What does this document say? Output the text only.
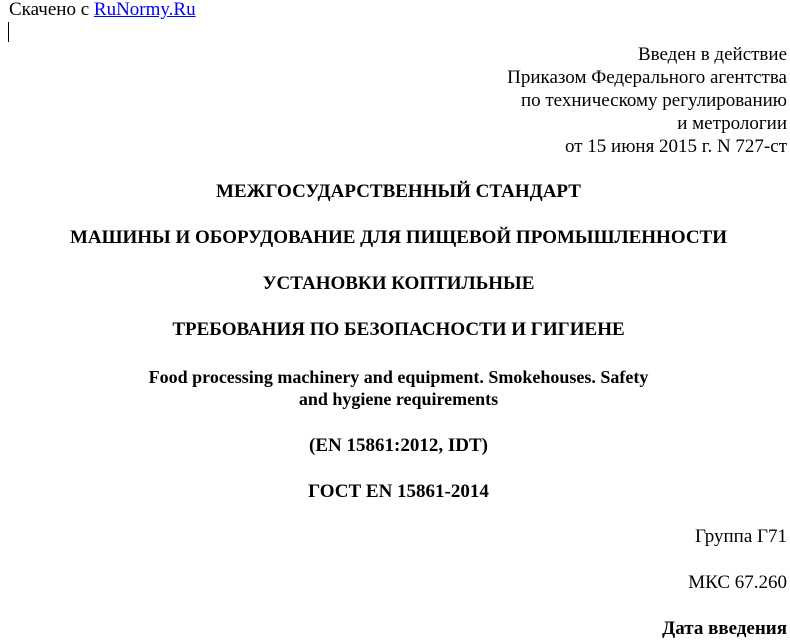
Скачено с RuNormy.Ru
Введен в действие
Приказом Федерального агентства
по техническому регулированию
и метрологии
от 15 июня 2015 г. N 727-ст
МЕЖГОСУДАРСТВЕННЫЙ СТАНДАРТ
МАШИНЫ И ОБОРУДОВАНИЕ ДЛЯ ПИЩЕВОЙ ПРОМЫШЛЕННОСТИ
УСТАНОВКИ КОПТИЛЬНЫЕ
ТРЕБОВАНИЯ ПО БЕЗОПАСНОСТИ И ГИГИЕНЕ
Food processing machinery and equipment. Smokehouses. Safety
and hygiene requirements
(EN 15861:2012, IDT)
ГОСТ EN 15861-2014
Группа Г71
МКС 67.260
Дата введения
